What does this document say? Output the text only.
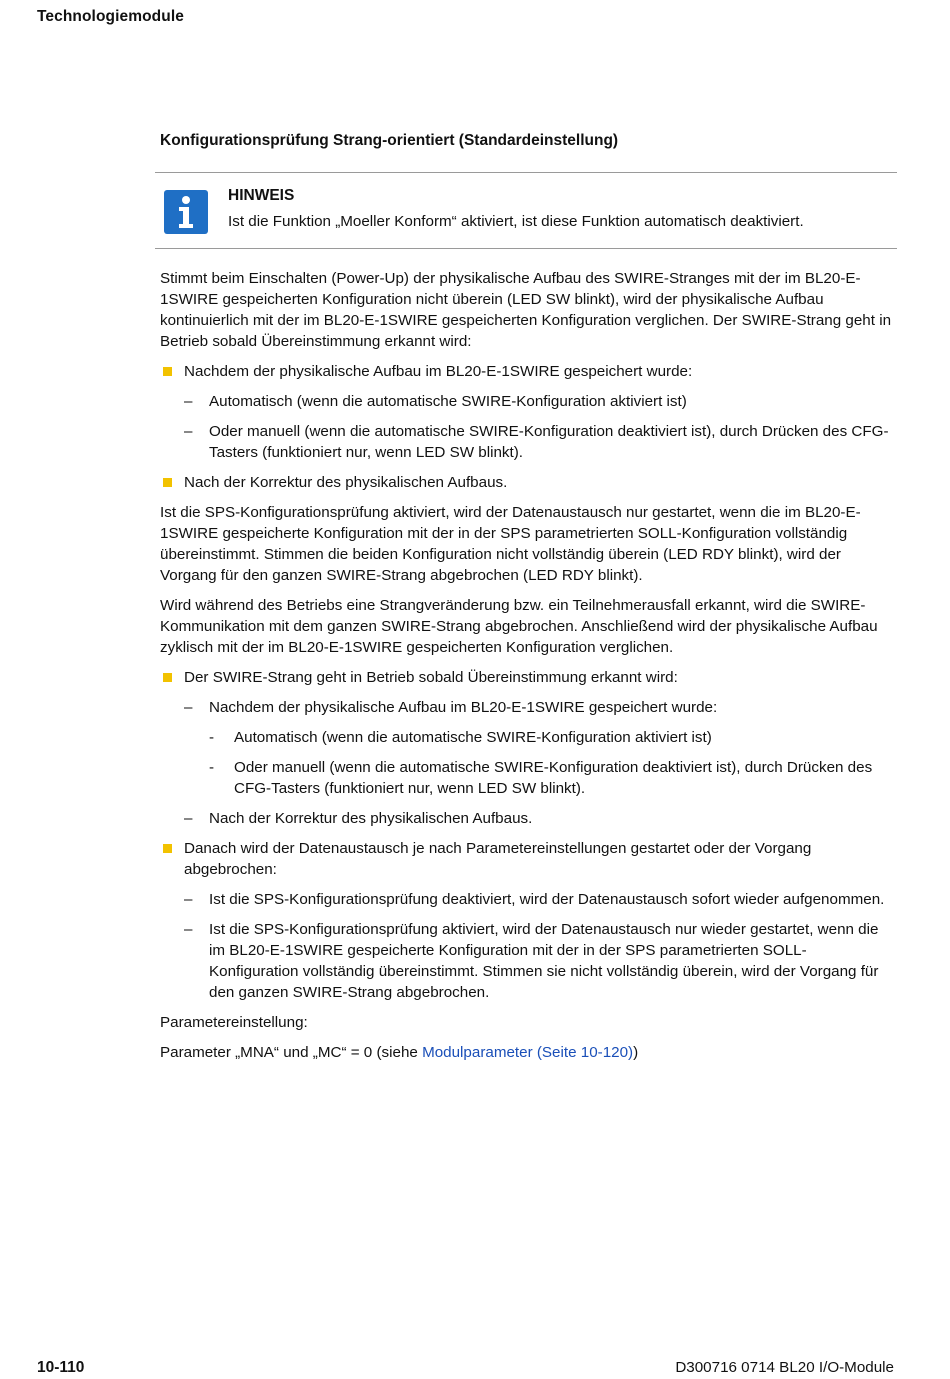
Technologiemodule
Konfigurationsprüfung Strang-orientiert (Standardeinstellung)
HINWEIS
Ist die Funktion „Moeller Konform“ aktiviert, ist diese Funktion automatisch deaktiviert.

Stimmt beim Einschalten (Power-Up) der physikalische Aufbau des SWIRE-Stranges mit der im BL20-E-1SWIRE gespeicherten Konfiguration nicht überein (LED SW blinkt), wird der physikalische Aufbau kontinuierlich mit der im BL20-E-1SWIRE gespeicherten Konfiguration verglichen. Der SWIRE-Strang geht in Betrieb sobald Übereinstimmung erkannt wird:

Nachdem der physikalische Aufbau im BL20-E-1SWIRE gespeichert wurde:
– Automatisch (wenn die automatische SWIRE-Konfiguration aktiviert ist)
– Oder manuell (wenn die automatische SWIRE-Konfiguration deaktiviert ist), durch Drücken des CFG-Tasters (funktioniert nur, wenn LED SW blinkt).
Nach der Korrektur des physikalischen Aufbaus.

Ist die SPS-Konfigurationsprüfung aktiviert, wird der Datenaustausch nur gestartet, wenn die im BL20-E-1SWIRE gespeicherte Konfiguration mit der in der SPS parametrierten SOLL-Konfiguration vollständig übereinstimmt. Stimmen die beiden Konfiguration nicht vollständig überein (LED RDY blinkt), wird der Vorgang für den ganzen SWIRE-Strang abgebrochen (LED RDY blinkt).

Wird während des Betriebs eine Strangveränderung bzw. ein Teilnehmerausfall erkannt, wird die SWIRE-Kommunikation mit dem ganzen SWIRE-Strang abgebrochen. Anschließend wird der physikalische Aufbau zyklisch mit der im BL20-E-1SWIRE gespeicherten Konfiguration verglichen.

Der SWIRE-Strang geht in Betrieb sobald Übereinstimmung erkannt wird:
– Nachdem der physikalische Aufbau im BL20-E-1SWIRE gespeichert wurde:
- Automatisch (wenn die automatische SWIRE-Konfiguration aktiviert ist)
- Oder manuell (wenn die automatische SWIRE-Konfiguration deaktiviert ist), durch Drücken des CFG-Tasters (funktioniert nur, wenn LED SW blinkt).
– Nach der Korrektur des physikalischen Aufbaus.
Danach wird der Datenaustausch je nach Parametereinstellungen gestartet oder der Vorgang abgebrochen:
– Ist die SPS-Konfigurationsprüfung deaktiviert, wird der Datenaustausch sofort wieder aufgenommen.
– Ist die SPS-Konfigurationsprüfung aktiviert, wird der Datenaustausch nur wieder gestartet, wenn die im BL20-E-1SWIRE gespeicherte Konfiguration mit der in der SPS parametrierten SOLL-Konfiguration vollständig übereinstimmt. Stimmen sie nicht vollständig überein, wird der Vorgang für den ganzen SWIRE-Strang abgebrochen.

Parametereinstellung:

Parameter „MNA“ und „MC“ = 0 (siehe Modulparameter (Seite 10-120))

10-110	D300716 0714 BL20 I/O-Module
